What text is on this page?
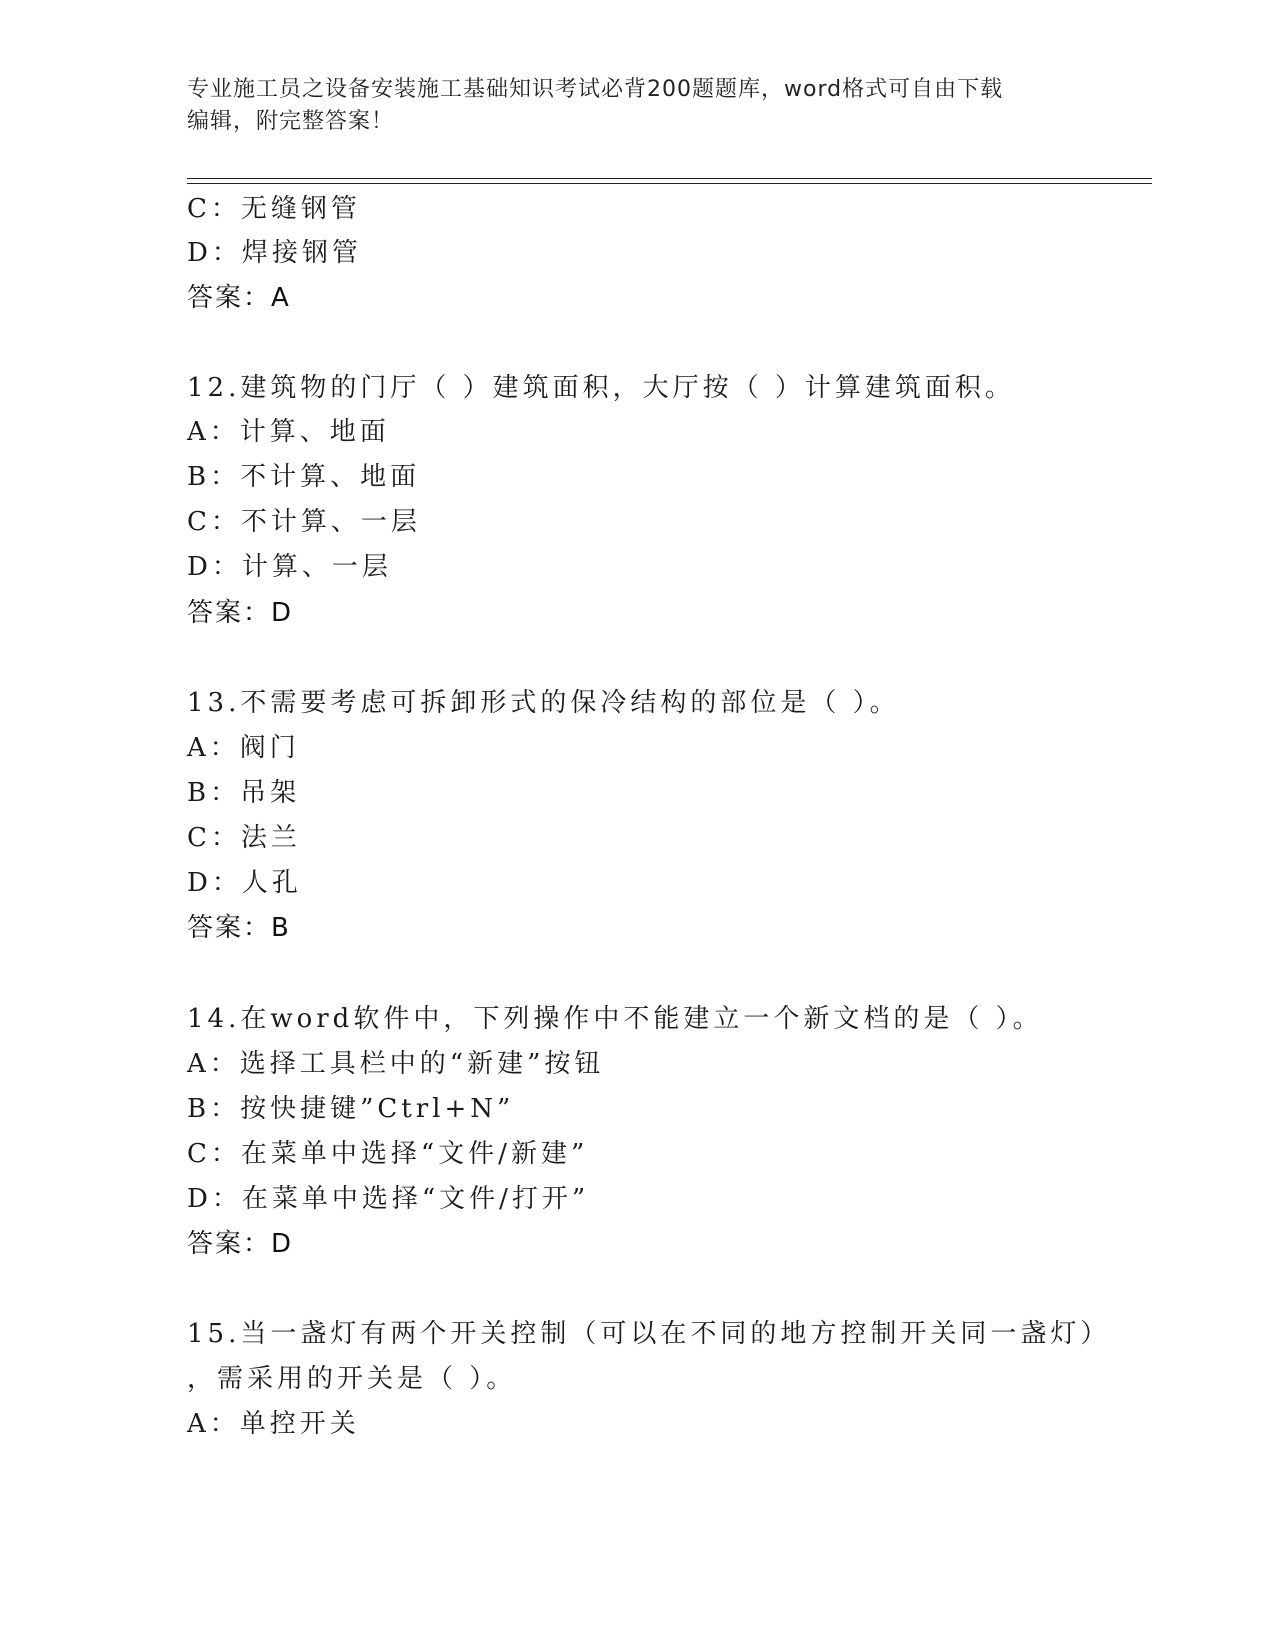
专业施工员之设备安装施工基础知识考试必背200题题库，word格式可自由下载
编辑，附完整答案！
C：无缝钢管
D：焊接钢管
答案：A
12.建筑物的门厅（ ）建筑面积，大厅按（ ）计算建筑面积。
A：计算、地面
B：不计算、地面
C：不计算、一层
D：计算、一层
答案：D
13.不需要考虑可拆卸形式的保冷结构的部位是（ ）。
A：阀门
B：吊架
C：法兰
D：人孔
答案：B
14.在word软件中，下列操作中不能建立一个新文档的是（ ）。
A：选择工具栏中的“新建”按钮
B：按快捷键”Ctrl+N”
C：在菜单中选择“文件/新建”
D：在菜单中选择“文件/打开”
答案：D
15.当一盏灯有两个开关控制（可以在不同的地方控制开关同一盏灯）
，需采用的开关是（ ）。
A：单控开关
